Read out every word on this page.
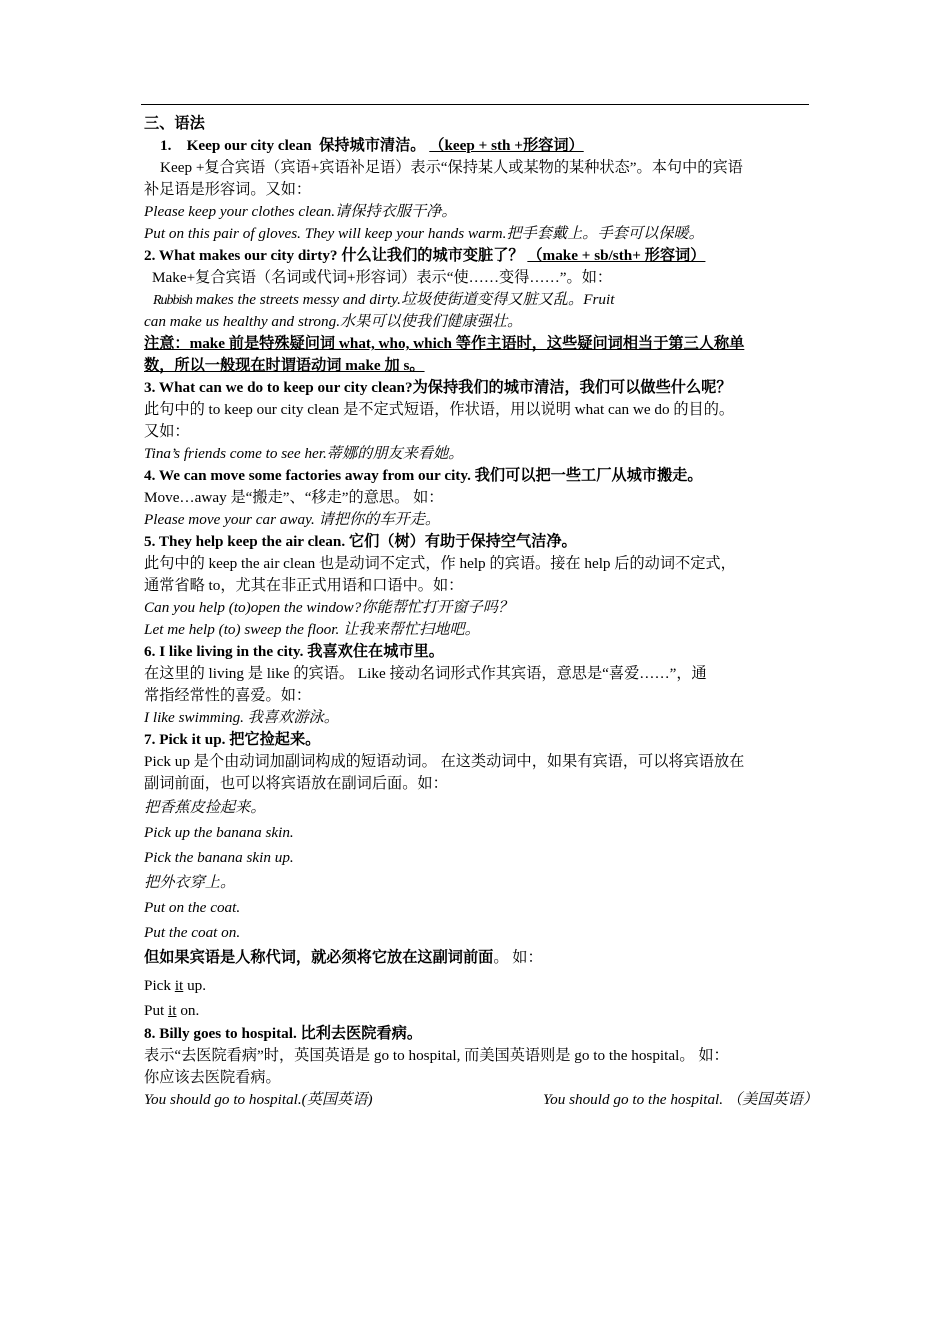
三、语法
1. Keep our city clean 保持城市清洁。 （keep + sth +形容词）
Keep +复合宾语（宾语+宾语补足语）表示“保持某人或某物的某种状态”。本句中的宾语
补足语是形容词。又如：
Please keep your clothes clean.请保持衣服干净。
Put on this pair of gloves. They will keep your hands warm.把手套戴上。手套可以保暖。
2. What makes our city dirty? 什么让我们的城市变脏了？ （make + sb/sth+ 形容词）
Make+复合宾语（名词或代词+形容词）表示“使……变得……”。如：
Rubbish makes the streets messy and dirty.垃圾使街道变得又脏又乱。Fruit
can make us healthy and strong.水果可以使我们健康强壮。
注意：make 前是特殊疑问词 what, who, which 等作主语时，这些疑问词相当于第三人称单
数，所以一般现在时谓语动词 make 加 s。
3. What can we do to keep our city clean?为保持我们的城市清洁，我们可以做些什么呢？
此句中的 to keep our city clean 是不定式短语，作状语，用以说明 what can we do 的目的。
又如：
Tina’s friends come to see her.蒂娜的朋友来看她。
4. We can move some factories away from our city. 我们可以把一些工厂从城市搬走。
Move…away 是“搬走”、“移走”的意思。 如：
Please move your car away. 请把你的车开走。
5. They help keep the air clean. 它们（树）有助于保持空气洁净。
此句中的 keep the air clean 也是动词不定式，作 help 的宾语。接在 help 后的动词不定式，
通常省略 to，尤其在非正式用语和口语中。如：
Can you help (to)open the window?你能帮忙打开窗子吗？
Let me help (to) sweep the floor. 让我来帮忙扫地吧。
6. I like living in the city. 我喜欢住在城市里。
在这里的 living 是 like 的宾语。 Like 接动名词形式作其宾语，意思是“喜爱……”，通
常指经常性的喜爱。如：
I like swimming. 我喜欢游泳。
7. Pick it up. 把它捡起来。
Pick up 是个由动词加副词构成的短语动词。 在这类动词中，如果有宾语，可以将宾语放在
副词前面，也可以将宾语放在副词后面。如：
把香蕉皮捡起来。
Pick up the banana skin.
Pick the banana skin up.
把外衣穿上。
Put on the coat.
Put the coat on.
但如果宾语是人称代词，就必须将它放在这副词前面。 如：
Pick it up.
Put it on.
8. Billy goes to hospital. 比利去医院看病。
表示“去医院看病”时，英国英语是 go to hospital, 而美国英语则是 go to the hospital。 如：
你应该去医院看病。
You should go to hospital.(英国英语)	You should go to the hospital. （美国英语）
